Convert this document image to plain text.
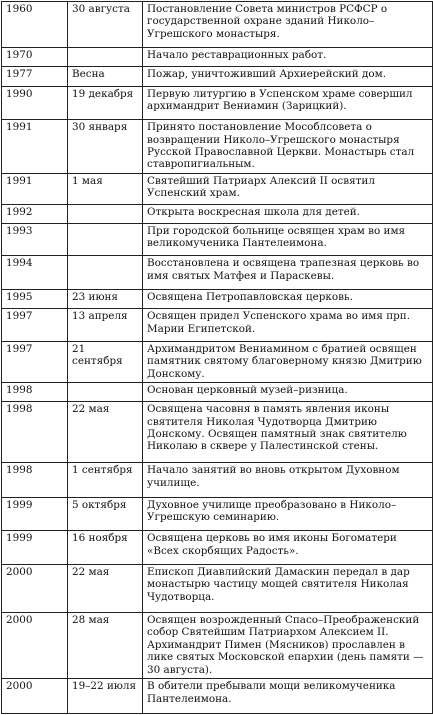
1960	30 августа	Постановление Совета министров РСФСР о государственной охране зданий Николо–Угрешского монастыря.
1970		Начало реставрационных работ.
1977	Весна	Пожар, уничтоживший Архиерейский дом.
1990	19 декабря	Первую литургию в Успенском храме совершил архимандрит Вениамин (Зарицкий).
1991	30 января	Принято постановление Мособлсовета о возвращении Николо–Угрешского монастыря Русской Православной Церкви. Монастырь стал ставропигиальным.
1991	1 мая	Святейший Патриарх Алексий II освятил Успенский храм.
1992		Открыта воскресная школа для детей.
1993		При городской больнице освящен храм во имя великомученика Пантелеимона.
1994		Восстановлена и освящена трапезная церковь во имя святых Матфея и Параскевы.
1995	23 июня	Освящена Петропавловская церковь.
1997	13 апреля	Освящен придел Успенского храма во имя прп. Марии Египетской.
1997	21 сентября	Архимандритом Вениамином с братией освящен памятник святому благоверному князю Дмитрию Донскому.
1998		Основан церковный музей–ризница.
1998	22 мая	Освящена часовня в память явления иконы святителя Николая Чудотворца Дмитрию Донскому. Освящен памятный знак святителю Николаю в сквере у Палестинской стены.
1998	1 сентября	Начало занятий во вновь открытом Духовном училище.
1999	5 октября	Духовное училище преобразовано в Николо–Угрешскую семинарию.
1999	16 ноября	Освящена церковь во имя иконы Богоматери «Всех скорбящих Радость».
2000	22 мая	Епископ Диавлийский Дамаскин передал в дар монастырю частицу мощей святителя Николая Чудотворца.
2000	28 мая	Освящен возрожденный Спасо–Преображенский собор Святейшим Патриархом Алексием II. Архимандрит Пимен (Мясников) прославлен в лике святых Московской епархии (день памяти — 30 августа).
2000	19–22 июля	В обители пребывали мощи великомученика Пантелеимона.
